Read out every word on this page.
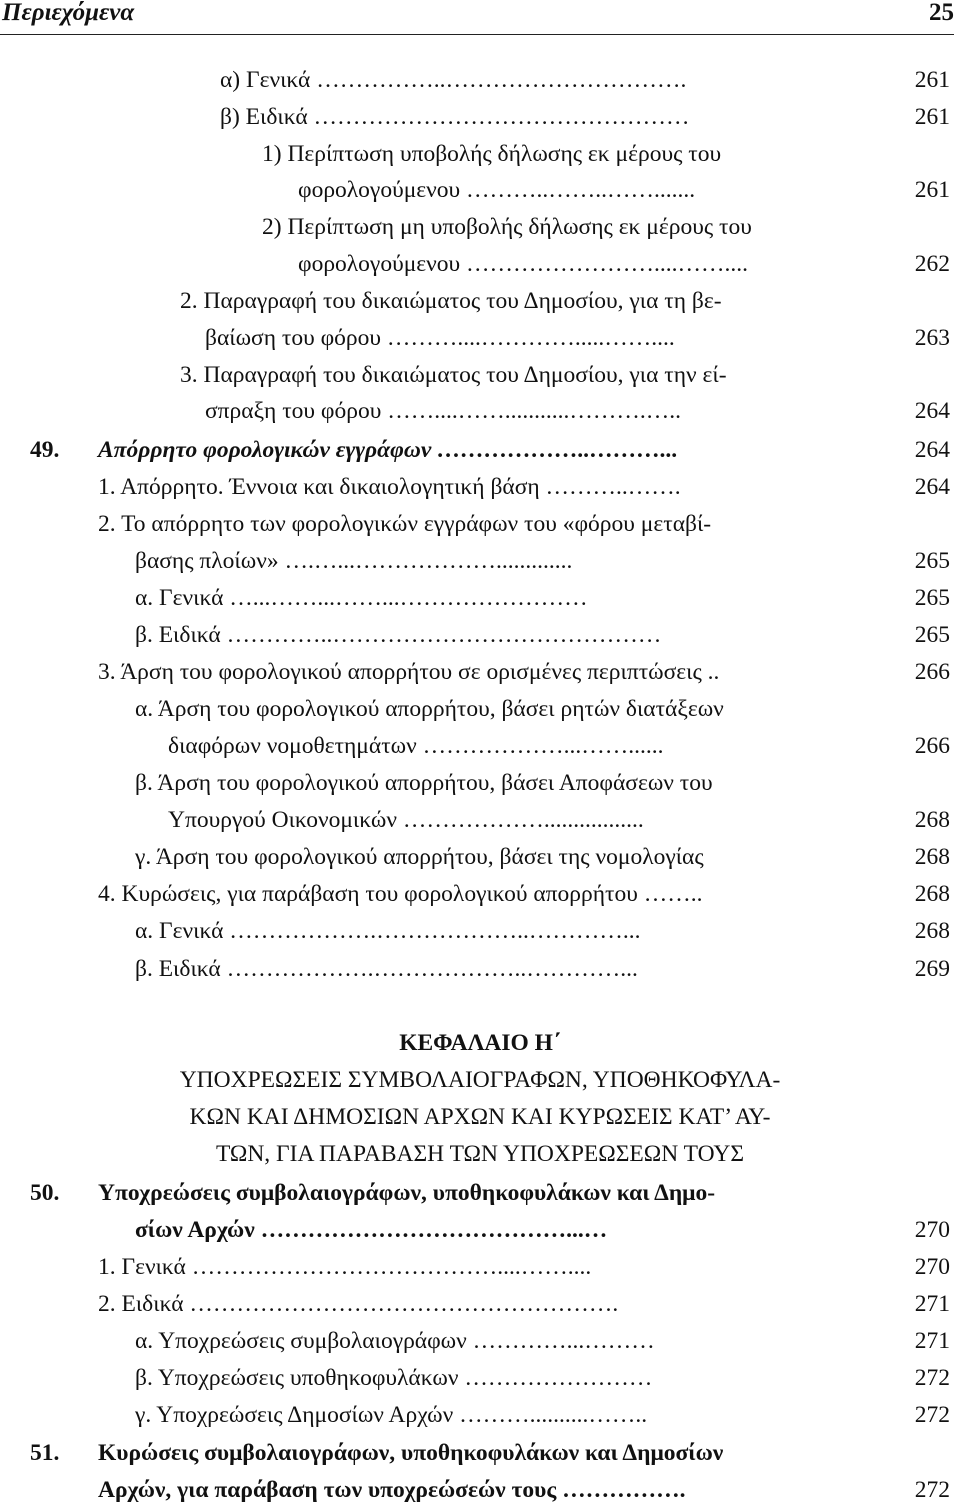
Περιεχόμενα	25
α) Γενικά ……………..………………………….	261
β) Ειδικά …………………………………………	261
1) Περίπτωση υποβολής δήλωσης εκ μέρους του
φορολογούμενου ………..……..…….......	261
2) Περίπτωση μη υποβολής δήλωσης εκ μέρους του
φορολογούμενου ……………………....……....	262
2. Παραγραφή του δικαιώματος του Δημοσίου, για τη βε-
βαίωση του φόρου ………....………….....……....	263
3. Παραγραφή του δικαιώματος του Δημοσίου, για την εί-
σπραξη του φόρου ……....……...........……….…..	264
49. Απόρρητο φορολογικών εγγράφων ………………..………...	264
1. Απόρρητο. Έννοια και δικαιολογητική βάση ………..…….	264
2. Το απόρρητο των φορολογικών εγγράφων του «φόρου μεταβί-
βασης πλοίων» ….…...……………….............	265
α. Γενικά …...……...……...……………………	265
β. Ειδικά …………..……………………………………	265
3. Άρση του φορολογικού απορρήτου σε ορισμένες περιπτώσεις ..	266
α. Άρση του φορολογικού απορρήτου, βάσει ρητών διατάξεων
διαφόρων νομοθετημάτων ………………...……......	266
β. Άρση του φορολογικού απορρήτου, βάσει Αποφάσεων του
Υπουργού Οικονομικών ……………….................	268
γ. Άρση του φορολογικού απορρήτου, βάσει της νομολογίας	268
4. Κυρώσεις, για παράβαση του φορολογικού απορρήτου ……..	268
α. Γενικά ……………….………………..…………...	268
β. Ειδικά ……………….………………..…………...	269
ΚΕΦΑΛΑΙΟ Η΄
ΥΠΟΧΡΕΩΣΕΙΣ ΣΥΜΒΟΛΑΙΟΓΡΑΦΩΝ, ΥΠΟΘΗΚΟΦΥΛΑ-
ΚΩΝ ΚΑΙ ΔΗΜΟΣΙΩΝ ΑΡΧΩΝ ΚΑΙ ΚΥΡΩΣΕΙΣ ΚΑΤ’ ΑΥ-
ΤΩΝ, ΓΙΑ ΠΑΡΑΒΑΣΗ ΤΩΝ ΥΠΟΧΡΕΩΣΕΩΝ ΤΟΥΣ
50. Υποχρεώσεις συμβολαιογράφων, υποθηκοφυλάκων και Δημο-
σίων Αρχών …………………………………...…	270
1. Γενικά …………………………………....……....	270
2. Ειδικά ……………………………………………….	271
α. Υποχρεώσεις συμβολαιογράφων …………...………	271
β. Υποχρεώσεις υποθηκοφυλάκων ……………………	272
γ. Υποχρεώσεις Δημοσίων Αρχών ………..........……..	272
51. Κυρώσεις συμβολαιογράφων, υποθηκοφυλάκων και Δημοσίων
Αρχών, για παράβαση των υποχρεώσεών τους …………….	272
